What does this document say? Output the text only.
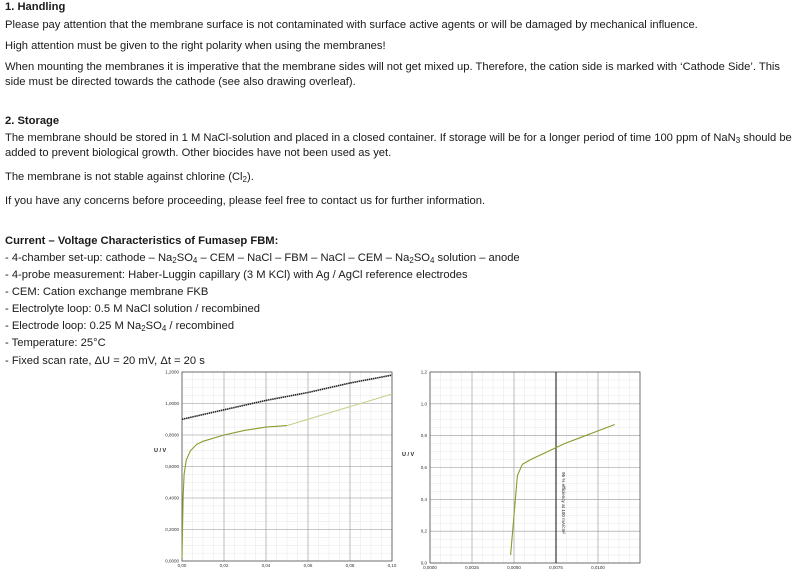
1. Handling

Please pay attention that the membrane surface is not contaminated with surface active agents or will be damaged by mechanical influence.

High attention must be given to the right polarity when using the membranes!

When mounting the membranes it is imperative that the membrane sides will not get mixed up. Therefore, the cation side is marked with ‘Cathode Side’. This side must be directed towards the cathode (see also drawing overleaf).

2. Storage

The membrane should be stored in 1 M NaCl-solution and placed in a closed container. If storage will be for a longer period of time 100 ppm of NaN$_3$ should be added to prevent biological growth. Other biocides have not been used as yet.

The membrane is not stable against chlorine $(Cl_2)$.

If you have any concerns before proceeding, please feel free to contact us for further information.

Current – Voltage Characteristics of Fumasep FBM:

- 4-chamber set-up: cathode – $Na_2SO_4$ – CEM – NaCl – FBM – NaCl – CEM – $Na_2SO_4$ solution – anode
- 4-probe measurement: Haber-Luggin capillary (3 M KCl) with Ag / AgCl reference electrodes
- CEM: Cation exchange membrane FKB
- Electrolyte loop: 0.5 M NaCl solution / recombined
- Electrode loop: 0.25 M $Na_2SO_4$ / recombined
- Temperature: 25°C
- Fixed scan rate, ΔU = 20 mV, Δt = 20 s
0,00	0,02	0,04	0,06	0,08	0,10
0,0000
0,2000
0,4000
0,6000
0,8000
1,0000
1,2000
U / V
0,0000	0,0025	0,0050	0,0075	0,0100
0,0
0,2
0,4
0,6
0,8
1,0
1,2
U / V
96 % efficiency at 100 mA/cm²
